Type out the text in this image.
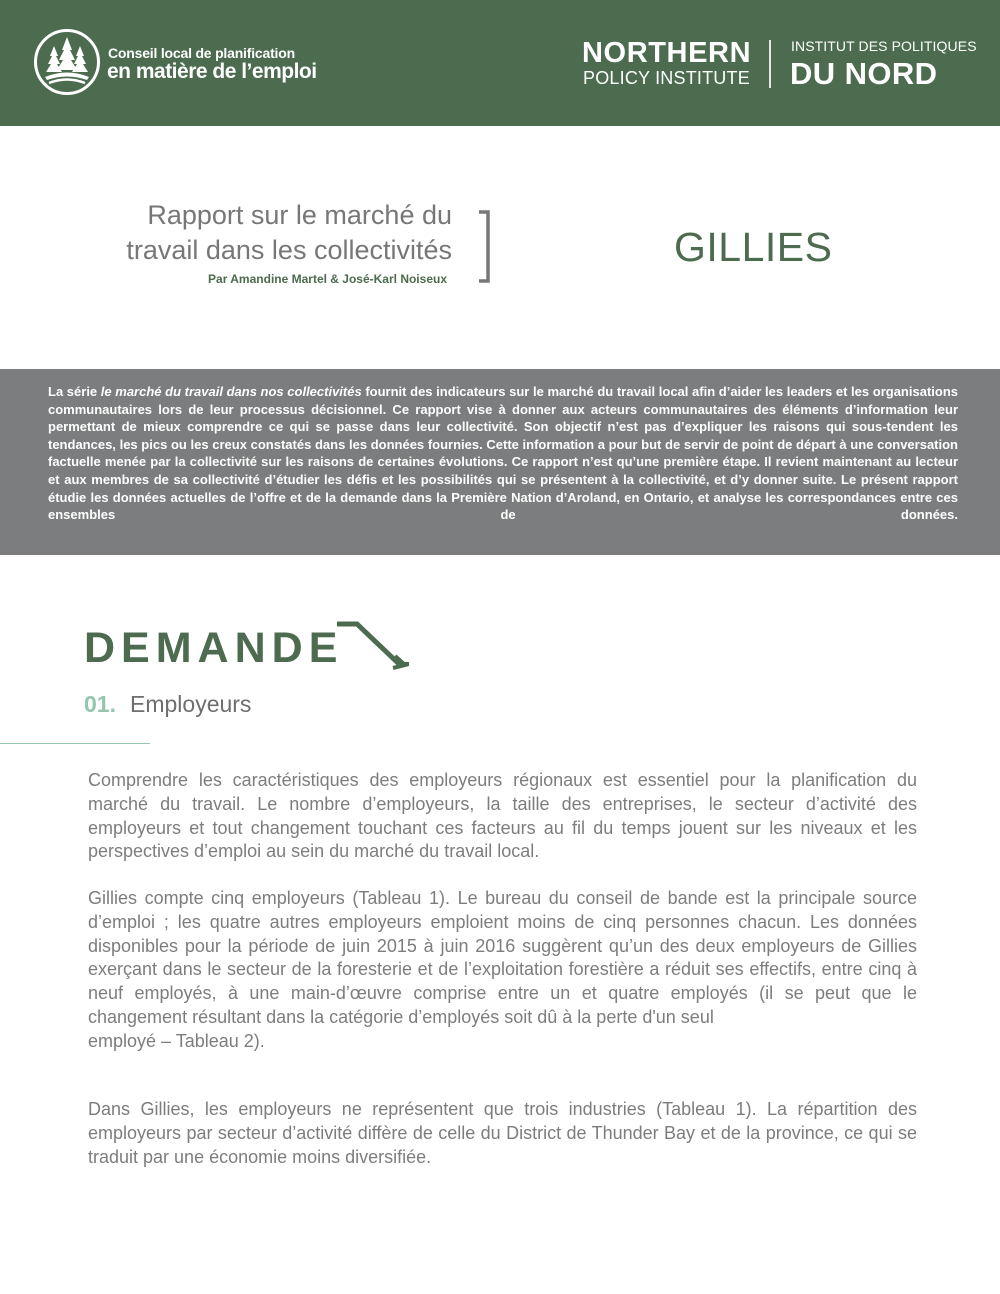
Conseil local de planification
en matière de l’emploi
NORTHERN
POLICY INSTITUTE
INSTITUT DES POLITIQUES
DU NORD
Rapport sur le marché du
travail dans les collectivités
Par Amandine Martel & José-Karl Noiseux
GILLIES

La série le marché du travail dans nos collectivités fournit des indicateurs sur le marché du travail local afin d’aider les leaders et les organisations communautaires lors de leur processus décisionnel. Ce rapport vise à donner aux acteurs communautaires des éléments d’information leur permettant de mieux comprendre ce qui se passe dans leur collectivité. Son objectif n’est pas d’expliquer les raisons qui sous-tendent les tendances, les pics ou les creux constatés dans les données fournies. Cette information a pour but de servir de point de départ à une conversation factuelle menée par la collectivité sur les raisons de certaines évolutions. Ce rapport n’est qu’une première étape. Il revient maintenant au lecteur et aux membres de sa collectivité d’étudier les défis et les possibilités qui se présentent à la collectivité, et d’y donner suite. Le présent rapport étudie les données actuelles de l’offre et de la demande dans la Première Nation d’Aroland, en Ontario, et analyse les correspondances entre ces ensembles de données.

DEMANDE
01. Employeurs

Comprendre les caractéristiques des employeurs régionaux est essentiel pour la planification du marché du travail. Le nombre d’employeurs, la taille des entreprises, le secteur d’activité des employeurs et tout changement touchant ces facteurs au fil du temps jouent sur les niveaux et les perspectives d’emploi au sein du marché du travail local.

Gillies compte cinq employeurs (Tableau 1). Le bureau du conseil de bande est la principale source d’emploi ; les quatre autres employeurs emploient moins de cinq personnes chacun. Les données disponibles pour la période de juin 2015 à juin 2016 suggèrent qu’un des deux employeurs de Gillies exerçant dans le secteur de la foresterie et de l’exploitation forestière a réduit ses effectifs, entre cinq à neuf employés, à une main-d’œuvre comprise entre un et quatre employés (il se peut que le changement résultant dans la catégorie d’employés soit dû à la perte d'un seul
employé – Tableau 2).

Dans Gillies, les employeurs ne représentent que trois industries (Tableau 1). La répartition des employeurs par secteur d’activité diffère de celle du District de Thunder Bay et de la province, ce qui se traduit par une économie moins diversifiée.
